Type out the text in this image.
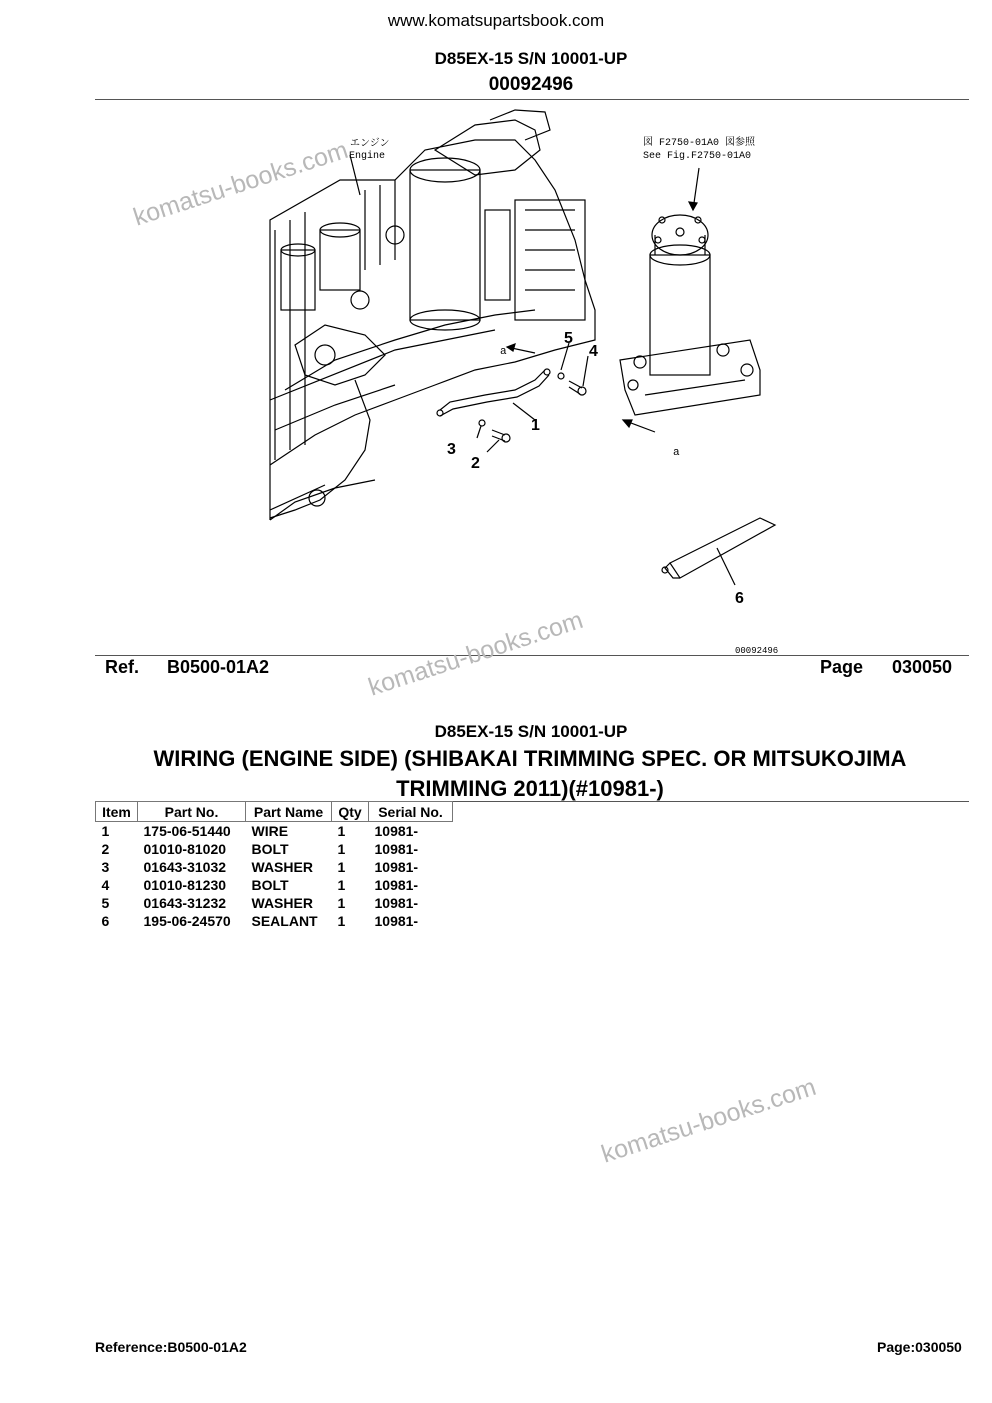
www.komatsupartsbook.com
D85EX-15 S/N 10001-UP
00092496
1
2
3
4
5
6
エンジン
Engine
図 F2750-01A0 図参照
See Fig.F2750-01A0
a
a
00092496
Ref. B0500-01A2	Page 030050
D85EX-15 S/N 10001-UP
WIRING (ENGINE SIDE) (SHIBAKAI TRIMMING SPEC. OR MITSUKOJIMA TRIMMING 2011)(#10981-)
Item	Part No.	Part Name	Qty	Serial No.
1	175-06-51440	WIRE	1	10981-
2	01010-81020	BOLT	1	10981-
3	01643-31032	WASHER	1	10981-
4	01010-81230	BOLT	1	10981-
5	01643-31232	WASHER	1	10981-
6	195-06-24570	SEALANT	1	10981-
komatsu-books.com
komatsu-books.com
komatsu-books.com
Reference:B0500-01A2	Page:030050
